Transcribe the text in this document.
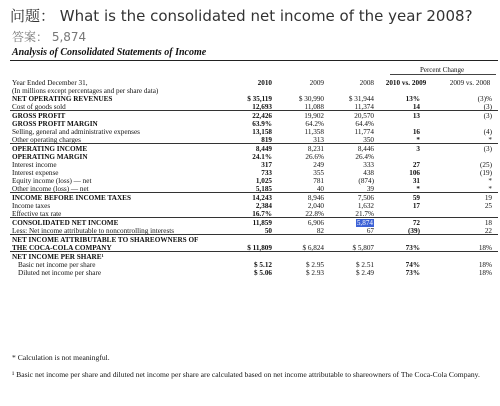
问题： What is the consolidated net income of the year 2008?
答案： 5,874
Analysis of Consolidated Statements of Income
Percent Change
Year Ended December 31,	2010	2009	2008	2010 vs. 2009	2009 vs. 2008
(In millions except percentages and per share data)
NET OPERATING REVENUES	$ 35,119	$ 30,990	$ 31,944	13%	(3)%
Cost of goods sold	12,693	11,088	11,374	14	(3)
GROSS PROFIT	22,426	19,902	20,570	13	(3)
GROSS PROFIT MARGIN	63.9%	64.2%	64.4%
Selling, general and administrative expenses	13,158	11,358	11,774	16	(4)
Other operating charges	819	313	350	*	*
OPERATING INCOME	8,449	8,231	8,446	3	(3)
OPERATING MARGIN	24.1%	26.6%	26.4%
Interest income	317	249	333	27	(25)
Interest expense	733	355	438	106	(19)
Equity income (loss) — net	1,025	781	(874)	31	*
Other income (loss) — net	5,185	40	39	*	*
INCOME BEFORE INCOME TAXES	14,243	8,946	7,506	59	19
Income taxes	2,384	2,040	1,632	17	25
Effective tax rate	16.7%	22.8%	21.7%
CONSOLIDATED NET INCOME	11,859	6,906	5,874	72	18
Less: Net income attributable to noncontrolling interests	50	82	67	(39)	22
NET INCOME ATTRIBUTABLE TO SHAREOWNERS OF
THE COCA-COLA COMPANY	$ 11,809	$ 6,824	$ 5,807	73%	18%
NET INCOME PER SHARE¹
Basic net income per share	$ 5.12	$ 2.95	$ 2.51	74%	18%
Diluted net income per share	$ 5.06	$ 2.93	$ 2.49	73%	18%
* Calculation is not meaningful.
¹ Basic net income per share and diluted net income per share are calculated based on net income attributable to shareowners of The Coca-Cola Company.
